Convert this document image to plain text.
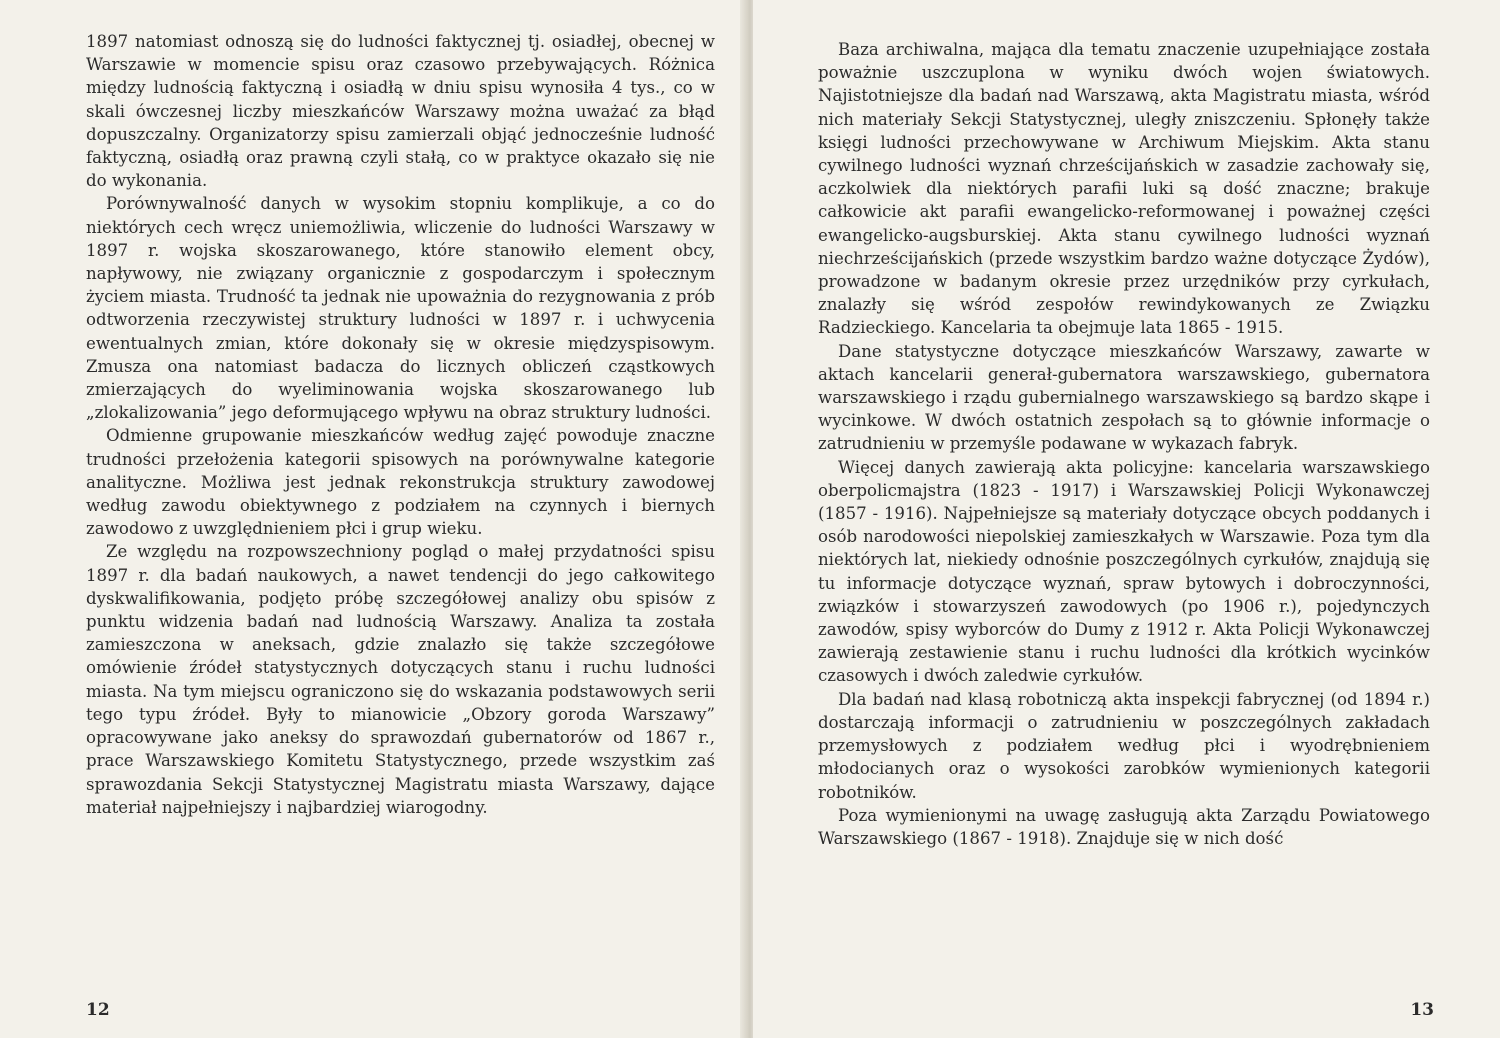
1897 natomiast odnoszą się do ludności faktycznej tj. osiadłej, obecnej w Warszawie w momencie spisu oraz czasowo przebywających. Różnica między ludnością faktyczną i osiadłą w dniu spisu wynosiła 4 tys., co w skali ówczesnej liczby mieszkańców Warszawy można uważać za błąd dopuszczalny. Organizatorzy spisu zamierzali objąć jednocześnie ludność faktyczną, osiadłą oraz prawną czyli stałą, co w praktyce okazało się nie do wykonania.

Porównywalność danych w wysokim stopniu komplikuje, a co do niektórych cech wręcz uniemożliwia, wliczenie do ludności Warszawy w 1897 r. wojska skoszarowanego, które stanowiło element obcy, napływowy, nie związany organicznie z gospodarczym i społecznym życiem miasta. Trudność ta jednak nie upoważnia do rezygnowania z prób odtworzenia rzeczywistej struktury ludności w 1897 r. i uchwycenia ewentualnych zmian, które dokonały się w okresie międzyspisowym. Zmusza ona natomiast badacza do licznych obliczeń cząstkowych zmierzających do wyeliminowania wojska skoszarowanego lub „zlokalizowania” jego deformującego wpływu na obraz struktury ludności.

Odmienne grupowanie mieszkańców według zajęć powoduje znaczne trudności przełożenia kategorii spisowych na porównywalne kategorie analityczne. Możliwa jest jednak rekonstrukcja struktury zawodowej według zawodu obiektywnego z podziałem na czynnych i biernych zawodowo z uwzględnieniem płci i grup wieku.

Ze względu na rozpowszechniony pogląd o małej przydatności spisu 1897 r. dla badań naukowych, a nawet tendencji do jego całkowitego dyskwalifikowania, podjęto próbę szczegółowej analizy obu spisów z punktu widzenia badań nad ludnością Warszawy. Analiza ta została zamieszczona w aneksach, gdzie znalazło się także szczegółowe omówienie źródeł statystycznych dotyczących stanu i ruchu ludności miasta. Na tym miejscu ograniczono się do wskazania podstawowych serii tego typu źródeł. Były to mianowicie „Obzory goroda Warszawy” opracowywane jako aneksy do sprawozdań gubernatorów od 1867 r., prace Warszawskiego Komitetu Statystycznego, przede wszystkim zaś sprawozdania Sekcji Statystycznej Magistratu miasta Warszawy, dające materiał najpełniejszy i najbardziej wiarogodny.

12

Baza archiwalna, mająca dla tematu znaczenie uzupełniające została poważnie uszczuplona w wyniku dwóch wojen światowych. Najistotniejsze dla badań nad Warszawą, akta Magistratu miasta, wśród nich materiały Sekcji Statystycznej, uległy zniszczeniu. Spłonęły także księgi ludności przechowywane w Archiwum Miejskim. Akta stanu cywilnego ludności wyznań chrześcijańskich w zasadzie zachowały się, aczkolwiek dla niektórych parafii luki są dość znaczne; brakuje całkowicie akt parafii ewangelicko-reformowanej i poważnej części ewangelicko-augsburskiej. Akta stanu cywilnego ludności wyznań niechrześcijańskich (przede wszystkim bardzo ważne dotyczące Żydów), prowadzone w badanym okresie przez urzędników przy cyrkułach, znalazły się wśród zespołów rewindykowanych ze Związku Radzieckiego. Kancelaria ta obejmuje lata 1865 - 1915.

Dane statystyczne dotyczące mieszkańców Warszawy, zawarte w aktach kancelarii generał-gubernatora warszawskiego, gubernatora warszawskiego i rządu gubernialnego warszawskiego są bardzo skąpe i wycinkowe. W dwóch ostatnich zespołach są to głównie informacje o zatrudnieniu w przemyśle podawane w wykazach fabryk.

Więcej danych zawierają akta policyjne: kancelaria warszawskiego oberpolicmajstra (1823 - 1917) i Warszawskiej Policji Wykonawczej (1857 - 1916). Najpełniejsze są materiały dotyczące obcych poddanych i osób narodowości niepolskiej zamieszkałych w Warszawie. Poza tym dla niektórych lat, niekiedy odnośnie poszczególnych cyrkułów, znajdują się tu informacje dotyczące wyznań, spraw bytowych i dobroczynności, związków i stowarzyszeń zawodowych (po 1906 r.), pojedynczych zawodów, spisy wyborców do Dumy z 1912 r. Akta Policji Wykonawczej zawierają zestawienie stanu i ruchu ludności dla krótkich wycinków czasowych i dwóch zaledwie cyrkułów.

Dla badań nad klasą robotniczą akta inspekcji fabrycznej (od 1894 r.) dostarczają informacji o zatrudnieniu w poszczególnych zakładach przemysłowych z podziałem według płci i wyodrębnieniem młodocianych oraz o wysokości zarobków wymienionych kategorii robotników.

Poza wymienionymi na uwagę zasługują akta Zarządu Powiatowego Warszawskiego (1867 - 1918). Znajduje się w nich dość

13
